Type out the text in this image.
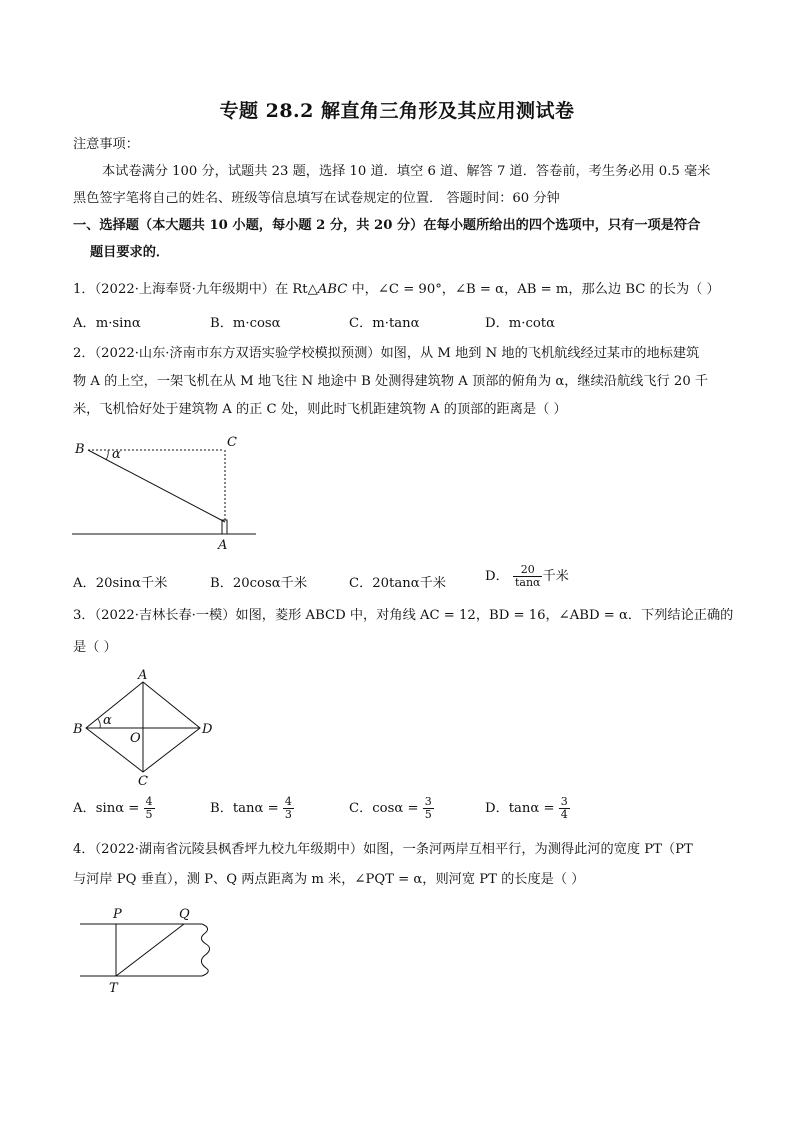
专题 28.2 解直角三角形及其应用测试卷
注意事项：
本试卷满分 100 分，试题共 23 题，选择 10 道．填空 6 道、解答 7 道．答卷前，考生务必用 0.5 毫米
黑色签字笔将自己的姓名、班级等信息填写在试卷规定的位置． 答题时间：60 分钟
一、选择题（本大题共 10 小题，每小题 2 分，共 20 分）在每小题所给出的四个选项中，只有一项是符合
题目要求的．
1．（2022·上海奉贤·九年级期中）在 Rt△ABC 中，∠C = 90°，∠B = α，AB = m，那么边 BC 的长为（ ）
A．m·sinα	B．m·cosα	C．m·tanα	D．m·cotα
2．（2022·山东·济南市东方双语实验学校模拟预测）如图，从 M 地到 N 地的飞机航线经过某市的地标建筑
物 A 的上空，一架飞机在从 M 地飞往 N 地途中 B 处测得建筑物 A 顶部的俯角为 α，继续沿航线飞行 20 千
米，飞机恰好处于建筑物 A 的正 C 处，则此时飞机距建筑物 A 的顶部的距离是（ ）
B	C
A
α
A．20sinα千米	B．20cosα千米	C．20tanα千米	D． $\frac{20}{\tan\alpha}$ 千米
3．（2022·吉林长春·一模）如图，菱形 ABCD 中，对角线 AC = 12，BD = 16，∠ABD = α．下列结论正确的
是（ ）
A
B	D
C
O
α
A．$\sin\alpha = \frac{4}{5}$	B．$\tan\alpha = \frac{4}{3}$	C．$\cos\alpha = \frac{3}{5}$	D．$\tan\alpha = \frac{3}{4}$
4．（2022·湖南省沅陵县枫香坪九校九年级期中）如图，一条河两岸互相平行，为测得此河的宽度 PT（PT
与河岸 PQ 垂直），测 P、Q 两点距离为 m 米，∠PQT = α，则河宽 PT 的长度是（ ）
P	Q
T
